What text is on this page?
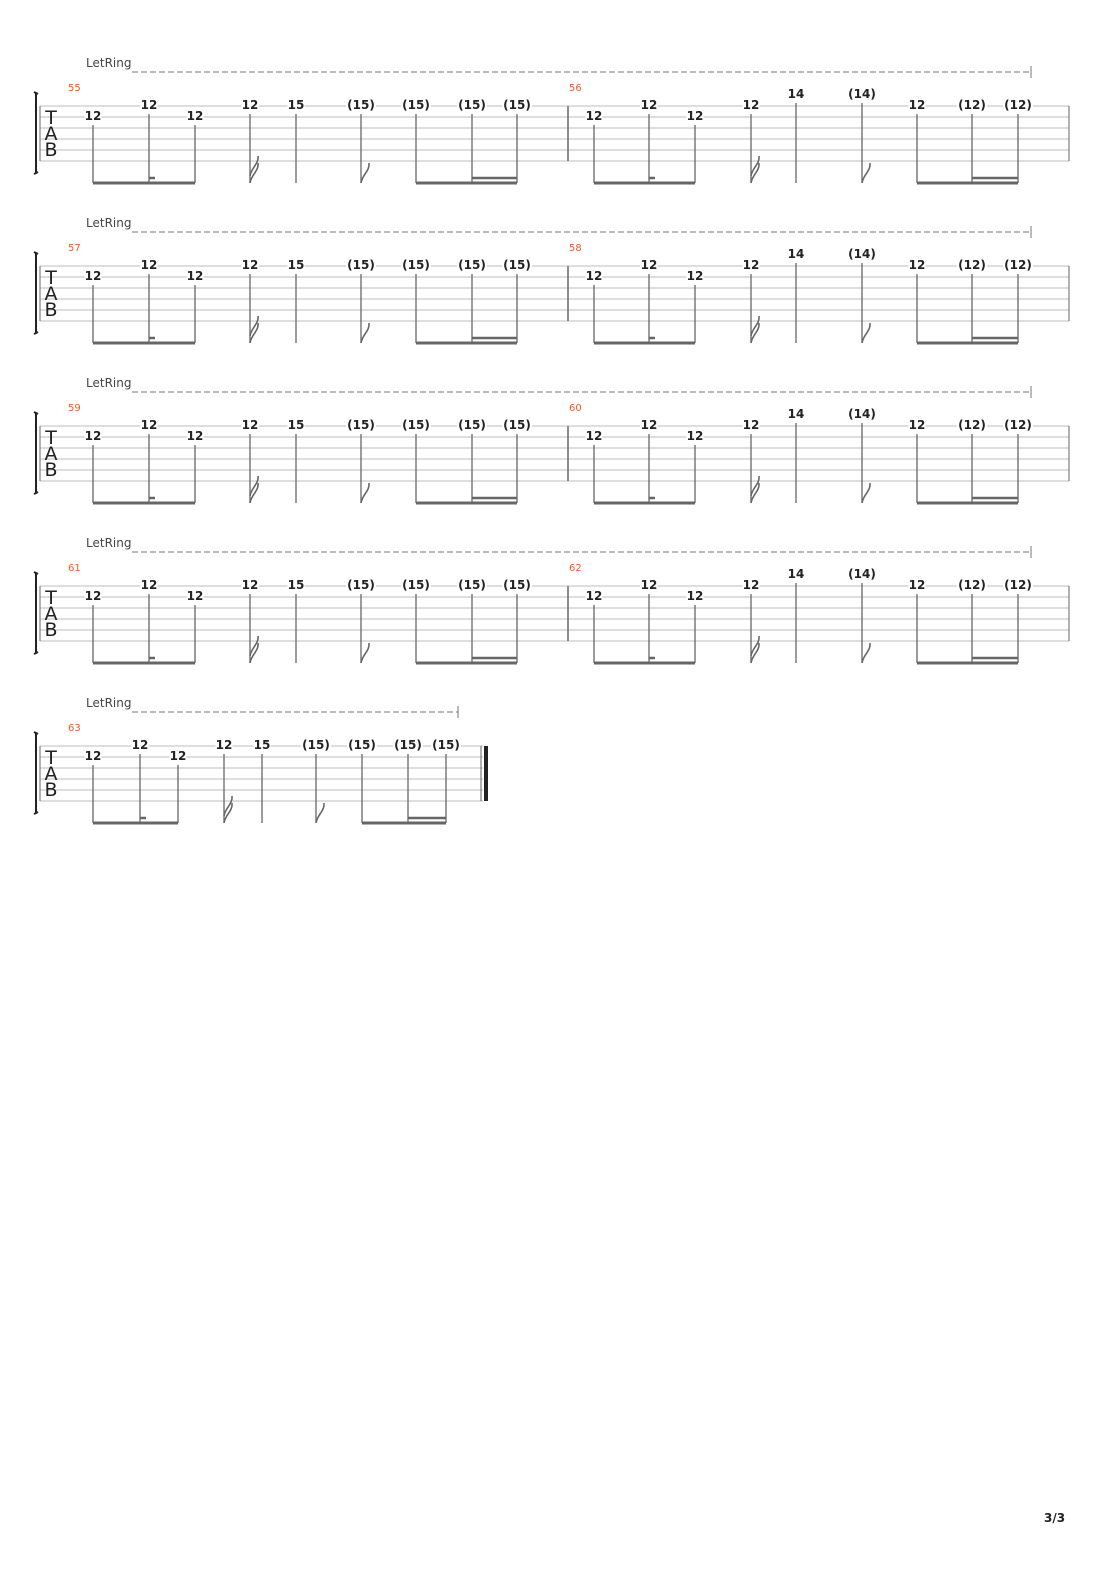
LetRing
T
A
B
55
12
12
12
12 15	(15) (15) (15) (15)
56
12
12
12
12
14	(14)
12	(12) (12)
LetRing
T
A
B
57
12
12
12
12 15	(15) (15) (15) (15)
58
12
12
12
12
14	(14)
12	(12) (12)
LetRing
T
A
B
59
12
12
12
12 15	(15) (15) (15) (15)
60
12
12
12
12
14	(14)
12	(12) (12)
LetRing
T
A
B
61
12
12
12
12 15	(15) (15) (15) (15)
62
12
12
12
12
14	(14)
12	(12) (12)
LetRing
T
A
B
63
12
12
12
12 15	(15) (15) (15) (15)
3/3
